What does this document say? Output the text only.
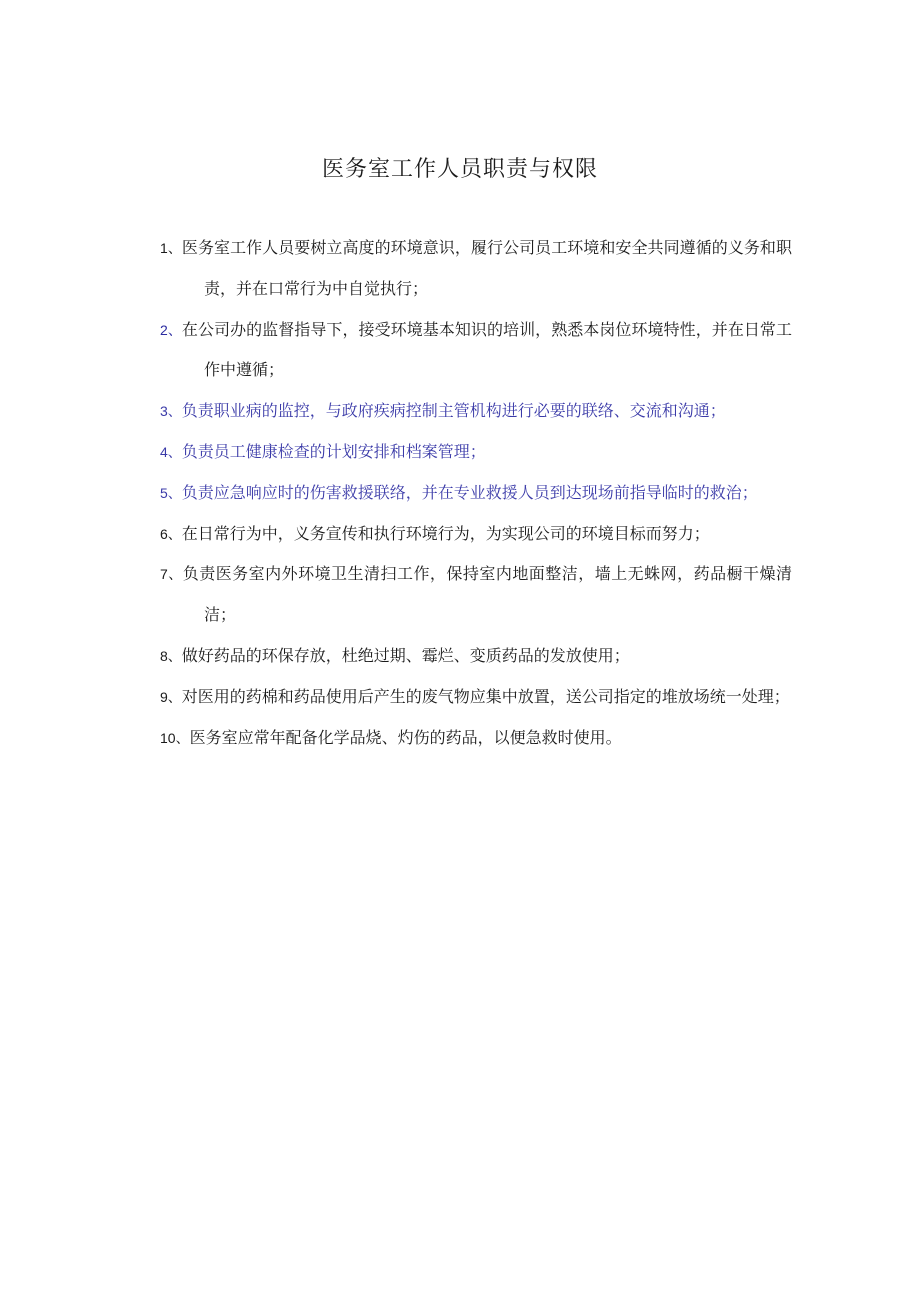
医务室工作人员职责与权限
1、医务室工作人员要树立高度的环境意识，履行公司员工环境和安全共同遵循的义务和职责，并在口常行为中自觉执行；
2、在公司办的监督指导下，接受环境基本知识的培训，熟悉本岗位环境特性，并在日常工作中遵循；
3、负责职业病的监控，与政府疾病控制主管机构进行必要的联络、交流和沟通；
4、负责员工健康检查的计划安排和档案管理；
5、负责应急响应时的伤害救援联络，并在专业救援人员到达现场前指导临时的救治；
6、在日常行为中，义务宣传和执行环境行为，为实现公司的环境目标而努力；
7、负责医务室内外环境卫生清扫工作，保持室内地面整洁，墙上无蛛网，药品橱干燥清洁；
8、做好药品的环保存放，杜绝过期、霉烂、变质药品的发放使用；
9、对医用的药棉和药品使用后产生的废气物应集中放置，送公司指定的堆放场统一处理；
10、医务室应常年配备化学品烧、灼伤的药品，以便急救时使用。
